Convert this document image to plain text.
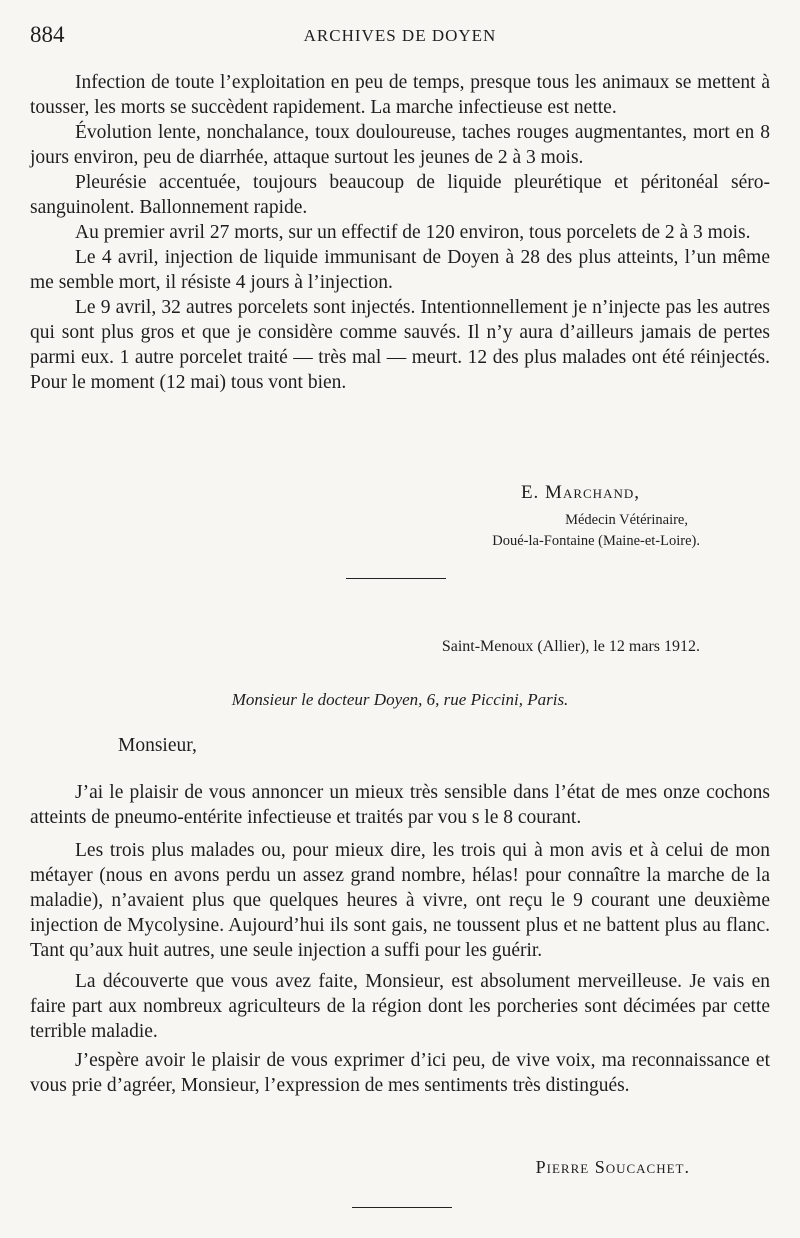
884	ARCHIVES DE DOYEN

Infection de toute l’exploitation en peu de temps, presque tous les animaux se mettent à tousser, les morts se succèdent rapidement. La marche infectieuse est nette.

Évolution lente, nonchalance, toux douloureuse, taches rouges augmentantes, mort en 8 jours environ, peu de diarrhée, attaque surtout les jeunes de 2 à 3 mois.

Pleurésie accentuée, toujours beaucoup de liquide pleurétique et péritonéal séro-sanguinolent. Ballonnement rapide.

Au premier avril 27 morts, sur un effectif de 120 environ, tous porcelets de 2 à 3 mois.

Le 4 avril, injection de liquide immunisant de Doyen à 28 des plus atteints, l’un même me semble mort, il résiste 4 jours à l’injection.

Le 9 avril, 32 autres porcelets sont injectés. Intentionnellement je n’injecte pas les autres qui sont plus gros et que je considère comme sauvés. Il n’y aura d’ailleurs jamais de pertes parmi eux. 1 autre porcelet traité — très mal — meurt. 12 des plus malades ont été réinjectés. Pour le moment (12 mai) tous vont bien.

E. Marchand,
Médecin Vétérinaire,
Doué-la-Fontaine (Maine-et-Loire).
Saint-Menoux (Allier), le 12 mars 1912.
Monsieur le docteur Doyen, 6, rue Piccini, Paris.
Monsieur,

J’ai le plaisir de vous annoncer un mieux très sensible dans l’état de mes onze cochons atteints de pneumo-entérite infectieuse et traités par vou s le 8 courant.

Les trois plus malades ou, pour mieux dire, les trois qui à mon avis et à celui de mon métayer (nous en avons perdu un assez grand nombre, hélas! pour connaître la marche de la maladie), n’avaient plus que quelques heures à vivre, ont reçu le 9 courant une deuxième injection de Mycolysine. Aujourd’hui ils sont gais, ne toussent plus et ne battent plus au flanc. Tant qu’aux huit autres, une seule injection a suffi pour les guérir.

La découverte que vous avez faite, Monsieur, est absolument merveilleuse. Je vais en faire part aux nombreux agriculteurs de la région dont les porcheries sont décimées par cette terrible maladie.

J’espère avoir le plaisir de vous exprimer d’ici peu, de vive voix, ma reconnaissance et vous prie d’agréer, Monsieur, l’expression de mes sentiments très distingués.

Pierre Soucachet.
